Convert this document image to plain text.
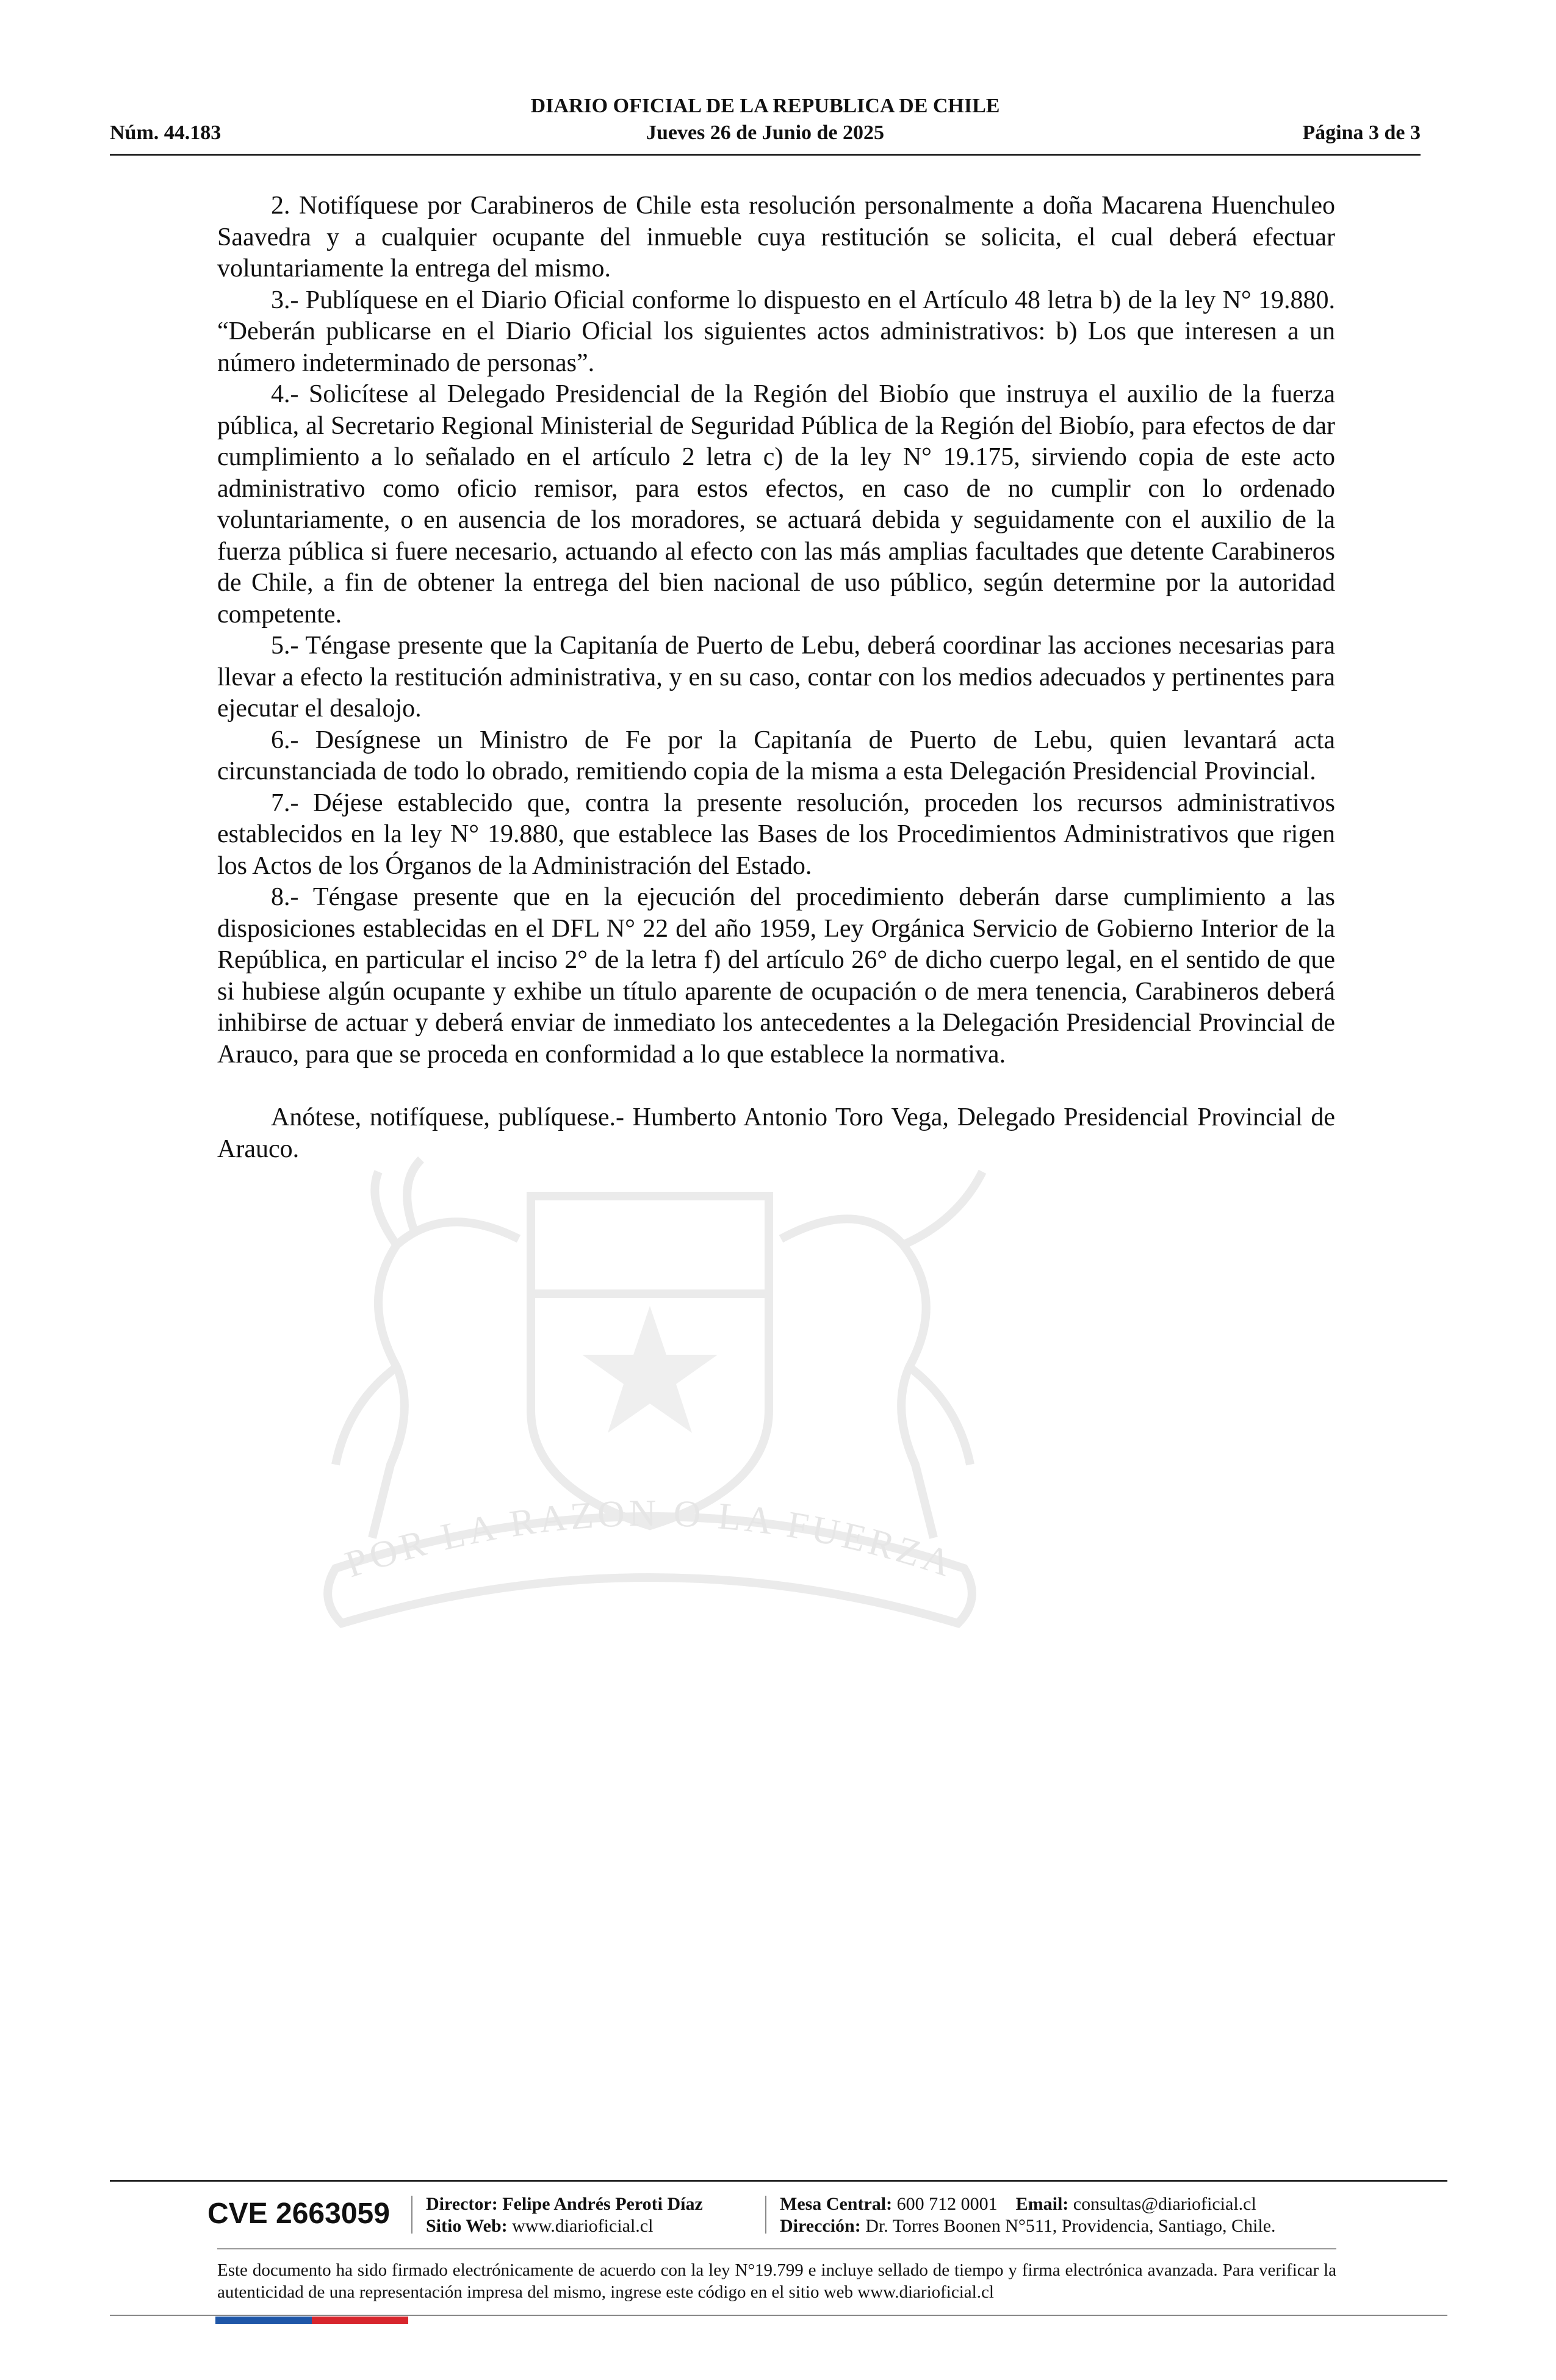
DIARIO OFICIAL DE LA REPUBLICA DE CHILE
Núm. 44.183	Jueves 26 de Junio de 2025	Página 3 de 3
POR LA RAZON O LA FUERZA

2. Notifíquese por Carabineros de Chile esta resolución personalmente a doña Macarena Huenchuleo Saavedra y a cualquier ocupante del inmueble cuya restitución se solicita, el cual deberá efectuar voluntariamente la entrega del mismo.

3.- Publíquese en el Diario Oficial conforme lo dispuesto en el Artículo 48 letra b) de la ley N° 19.880. “Deberán publicarse en el Diario Oficial los siguientes actos administrativos: b) Los que interesen a un número indeterminado de personas”.

4.- Solicítese al Delegado Presidencial de la Región del Biobío que instruya el auxilio de la fuerza pública, al Secretario Regional Ministerial de Seguridad Pública de la Región del Biobío, para efectos de dar cumplimiento a lo señalado en el artículo 2 letra c) de la ley N° 19.175, sirviendo copia de este acto administrativo como oficio remisor, para estos efectos, en caso de no cumplir con lo ordenado voluntariamente, o en ausencia de los moradores, se actuará debida y seguidamente con el auxilio de la fuerza pública si fuere necesario, actuando al efecto con las más amplias facultades que detente Carabineros de Chile, a fin de obtener la entrega del bien nacional de uso público, según determine por la autoridad competente.

5.- Téngase presente que la Capitanía de Puerto de Lebu, deberá coordinar las acciones necesarias para llevar a efecto la restitución administrativa, y en su caso, contar con los medios adecuados y pertinentes para ejecutar el desalojo.

6.- Desígnese un Ministro de Fe por la Capitanía de Puerto de Lebu, quien levantará acta circunstanciada de todo lo obrado, remitiendo copia de la misma a esta Delegación Presidencial Provincial.

7.- Déjese establecido que, contra la presente resolución, proceden los recursos administrativos establecidos en la ley N° 19.880, que establece las Bases de los Procedimientos Administrativos que rigen los Actos de los Órganos de la Administración del Estado.

8.- Téngase presente que en la ejecución del procedimiento deberán darse cumplimiento a las disposiciones establecidas en el DFL N° 22 del año 1959, Ley Orgánica Servicio de Gobierno Interior de la República, en particular el inciso 2° de la letra f) del artículo 26° de dicho cuerpo legal, en el sentido de que si hubiese algún ocupante y exhibe un título aparente de ocupación o de mera tenencia, Carabineros deberá inhibirse de actuar y deberá enviar de inmediato los antecedentes a la Delegación Presidencial Provincial de Arauco, para que se proceda en conformidad a lo que establece la normativa.

Anótese, notifíquese, publíquese.- Humberto Antonio Toro Vega, Delegado Presidencial Provincial de Arauco.

CVE 2663059	Director: Felipe Andrés Peroti Díaz
Sitio Web: www.diarioficial.cl
Mesa Central: 600 712 0001 Email: consultas@diarioficial.cl
Dirección: Dr. Torres Boonen N°511, Providencia, Santiago, Chile.
Este documento ha sido firmado electrónicamente de acuerdo con la ley N°19.799 e incluye sellado de tiempo y firma electrónica avanzada. Para verificar la autenticidad de una representación impresa del mismo, ingrese este código en el sitio web www.diarioficial.cl
